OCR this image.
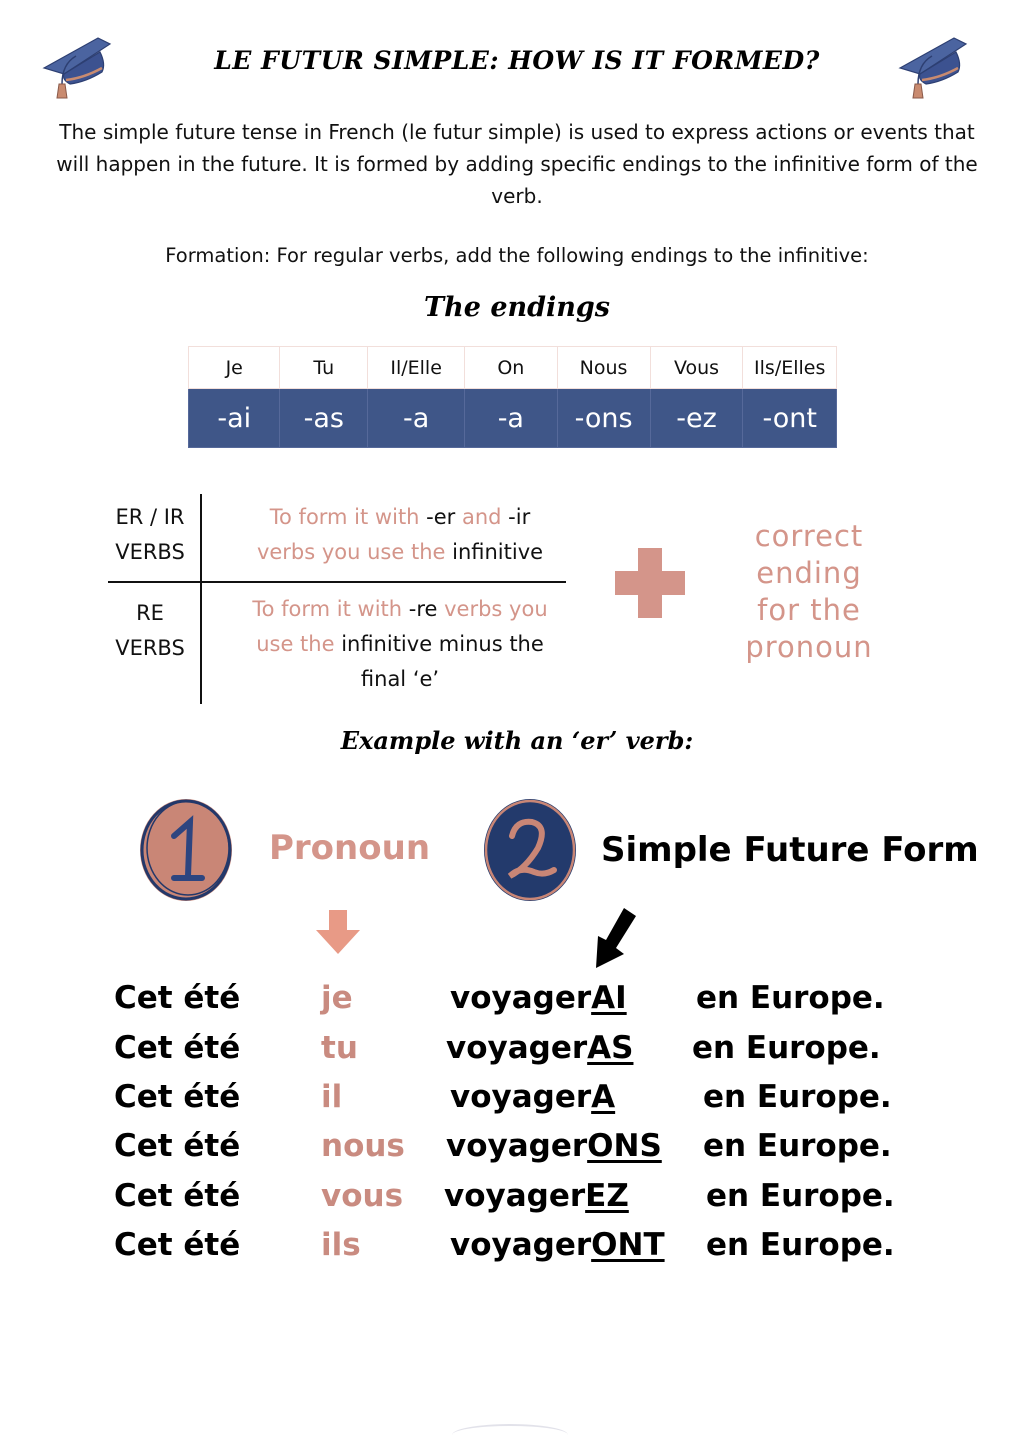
LE FUTUR SIMPLE: HOW IS IT FORMED?
The simple future tense in French (le futur simple) is used to express actions or events that will happen in the future. It is formed by adding specific endings to the infinitive form of the verb.
Formation: For regular verbs, add the following endings to the infinitive:
The endings
Je	Tu	Il/Elle	On	Nous	Vous	Ils/Elles
-ai	-as	-a	-a	-ons	-ez	-ont
ER / IR
VERBS
To form it with -er and -ir
verbs you use the infinitive
RE
VERBS
To form it with -re verbs you
use the infinitive minus the
final ‘e’
correct
ending
for the
pronoun
Example with an ‘er’ verb:
Pronoun	Simple Future Form
Cet été	je	voyagerAI en Europe.
Cet été	tu	voyagerAS en Europe.
Cet été	il	voyagerA	en Europe.
Cet été	nous voyagerONS en Europe.
Cet été	vous voyagerEZ en Europe.
Cet été	ils	voyagerONT en Europe.
